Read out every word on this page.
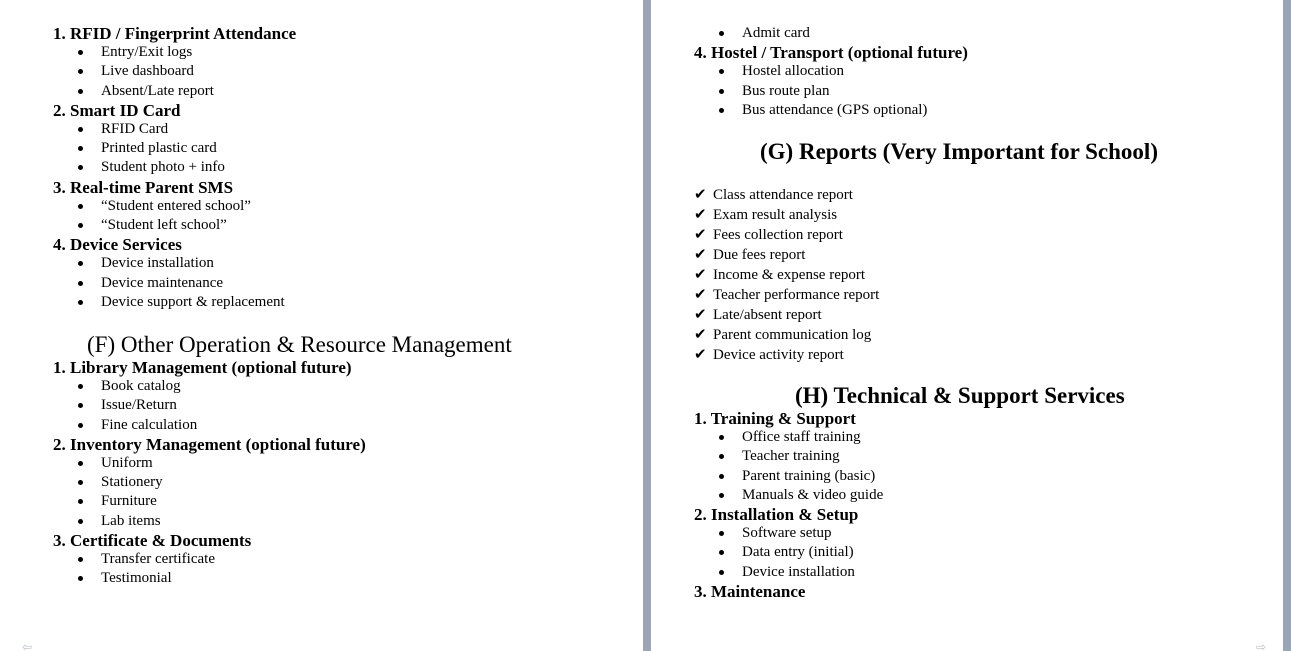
1. RFID / Fingerprint Attendance
Entry/Exit logs
Live dashboard
Absent/Late report
2. Smart ID Card
RFID Card
Printed plastic card
Student photo + info
3. Real-time Parent SMS
“Student entered school”
“Student left school”
4. Device Services
Device installation
Device maintenance
Device support & replacement
(F) Other Operation & Resource Management
1. Library Management (optional future)
Book catalog
Issue/Return
Fine calculation
2. Inventory Management (optional future)
Uniform
Stationery
Furniture
Lab items
3. Certificate & Documents
Transfer certificate
Testimonial
⇦
Admit card
4. Hostel / Transport (optional future)
Hostel allocation
Bus route plan
Bus attendance (GPS optional)
(G) Reports (Very Important for School)
✔ Class attendance report
✔ Exam result analysis
✔ Fees collection report
✔ Due fees report
✔ Income & expense report
✔ Teacher performance report
✔ Late/absent report
✔ Parent communication log
✔ Device activity report
(H) Technical & Support Services
1. Training & Support
Office staff training
Teacher training
Parent training (basic)
Manuals & video guide
2. Installation & Setup
Software setup
Data entry (initial)
Device installation
3. Maintenance
⇨
